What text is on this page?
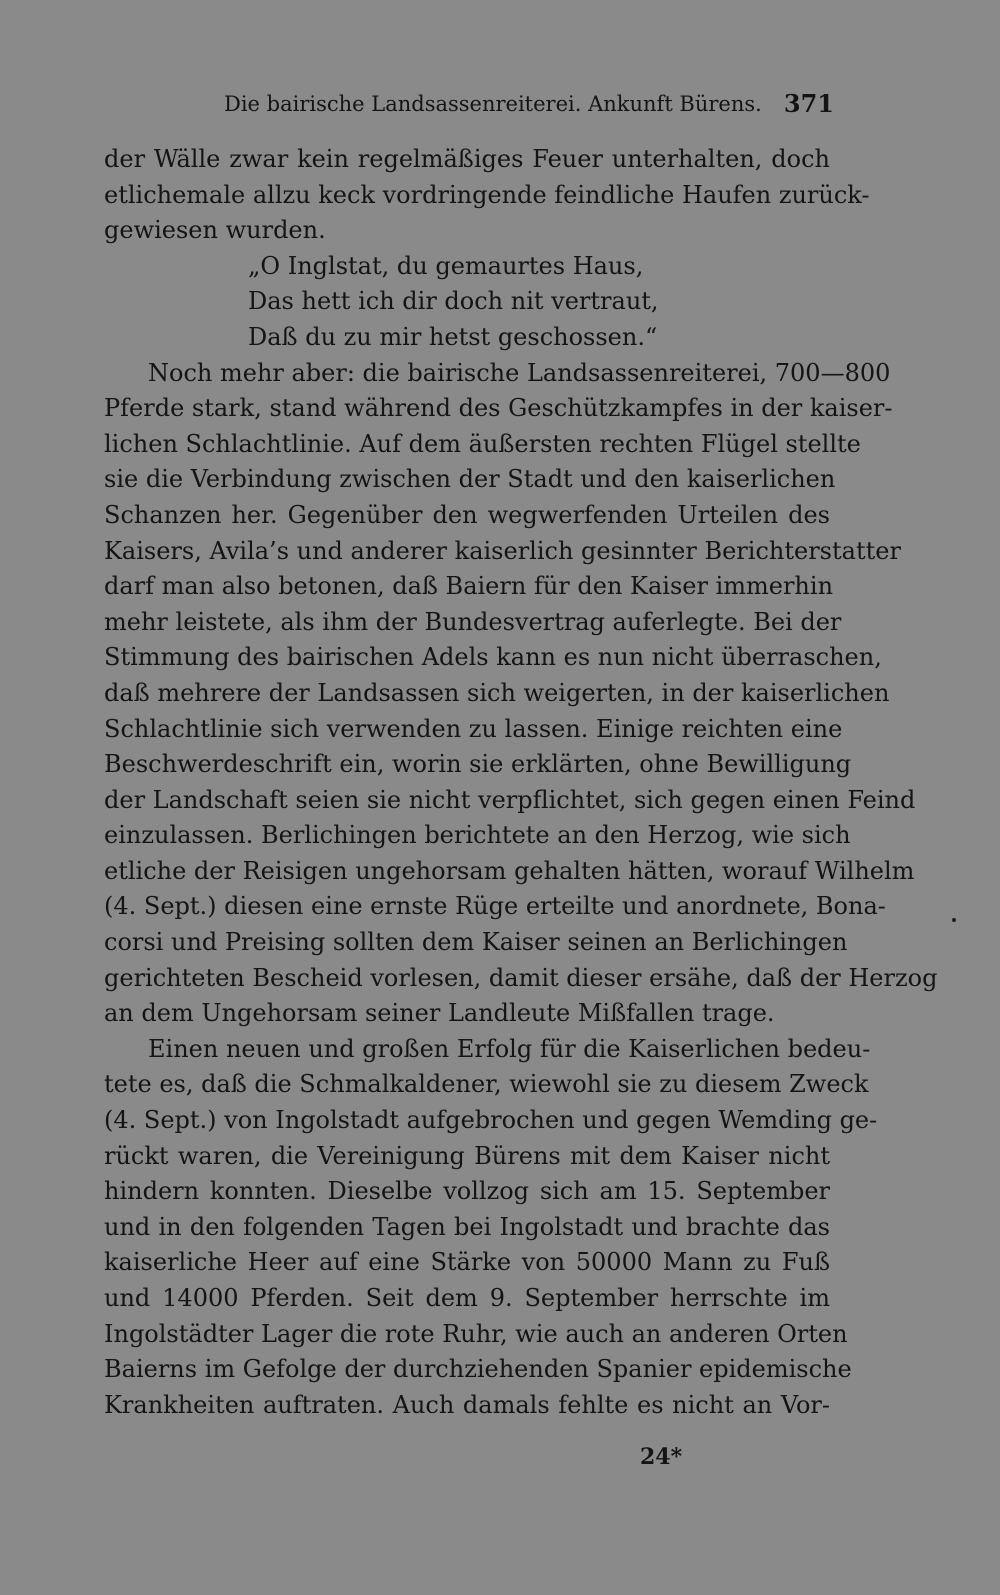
Die bairische Landsassenreiterei. Ankunft Bürens. 371
der Wälle zwar kein regelmäßiges Feuer unterhalten, doch
etlichemale allzu keck vordringende feindliche Haufen zurück-
gewiesen wurden.
„O Inglstat, du gemaurtes Haus,
Das hett ich dir doch nit vertraut,
Daß du zu mir hetst geschossen.“
Noch mehr aber: die bairische Landsassenreiterei, 700—800
Pferde stark, stand während des Geschützkampfes in der kaiser-
lichen Schlachtlinie. Auf dem äußersten rechten Flügel stellte
sie die Verbindung zwischen der Stadt und den kaiserlichen
Schanzen her. Gegenüber den wegwerfenden Urteilen des
Kaisers, Avila’s und anderer kaiserlich gesinnter Berichterstatter
darf man also betonen, daß Baiern für den Kaiser immerhin
mehr leistete, als ihm der Bundesvertrag auferlegte. Bei der
Stimmung des bairischen Adels kann es nun nicht überraschen,
daß mehrere der Landsassen sich weigerten, in der kaiserlichen
Schlachtlinie sich verwenden zu lassen. Einige reichten eine
Beschwerdeschrift ein, worin sie erklärten, ohne Bewilligung
der Landschaft seien sie nicht verpflichtet, sich gegen einen Feind
einzulassen. Berlichingen berichtete an den Herzog, wie sich
etliche der Reisigen ungehorsam gehalten hätten, worauf Wilhelm
(4. Sept.) diesen eine ernste Rüge erteilte und anordnete, Bona-
corsi und Preising sollten dem Kaiser seinen an Berlichingen
gerichteten Bescheid vorlesen, damit dieser ersähe, daß der Herzog
an dem Ungehorsam seiner Landleute Mißfallen trage.
Einen neuen und großen Erfolg für die Kaiserlichen bedeu-
tete es, daß die Schmalkaldener, wiewohl sie zu diesem Zweck
(4. Sept.) von Ingolstadt aufgebrochen und gegen Wemding ge-
rückt waren, die Vereinigung Bürens mit dem Kaiser nicht
hindern konnten. Dieselbe vollzog sich am 15. September
und in den folgenden Tagen bei Ingolstadt und brachte das
kaiserliche Heer auf eine Stärke von 50000 Mann zu Fuß
und 14000 Pferden. Seit dem 9. September herrschte im
Ingolstädter Lager die rote Ruhr, wie auch an anderen Orten
Baierns im Gefolge der durchziehenden Spanier epidemische
Krankheiten auftraten. Auch damals fehlte es nicht an Vor-
24*
